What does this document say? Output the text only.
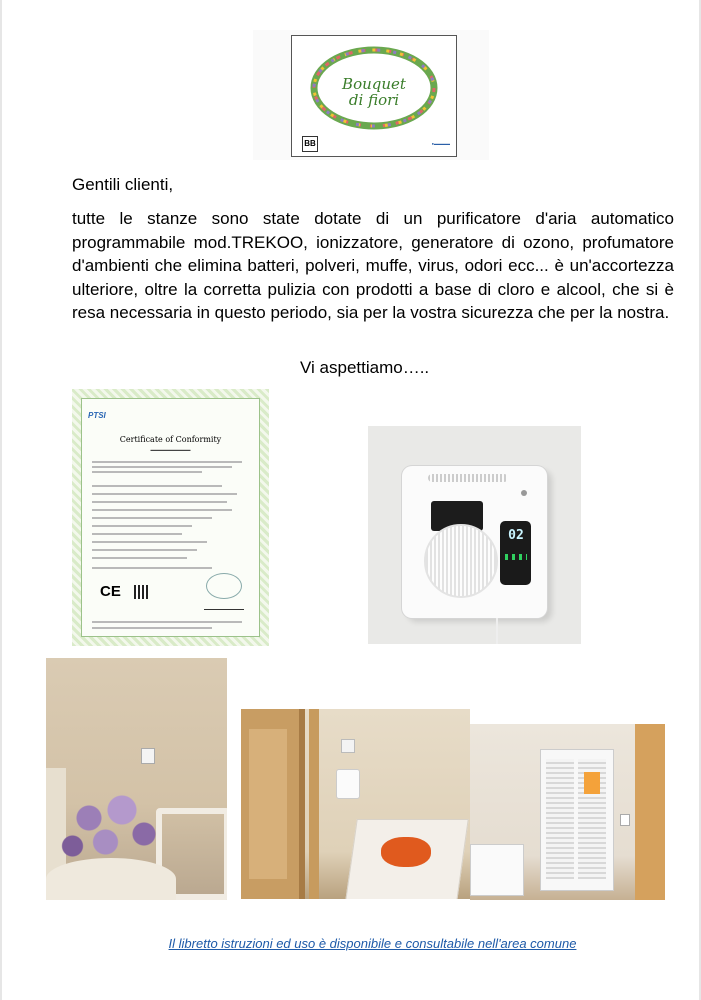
Bouquet
di fiori
BB	●▬▬▬▬

Gentili clienti,

tutte le stanze sono state dotate di un purificatore d'aria automatico programmabile mod.TREKOO, ionizzatore, generatore di ozono, profumatore d'ambienti che elimina batteri, polveri, muffe, virus, odori ecc... è un'accortezza ulteriore, oltre la corretta pulizia con prodotti a base di cloro e alcool, che si è resa necessaria in questo periodo, sia per la vostra sicurezza che per la nostra.

Vi aspettiamo…..

PTSI
Certificate of Conformity
▬▬▬▬▬▬▬▬▬▬
CE
02

Il libretto istruzioni ed uso è disponibile e consultabile nell'area comune
